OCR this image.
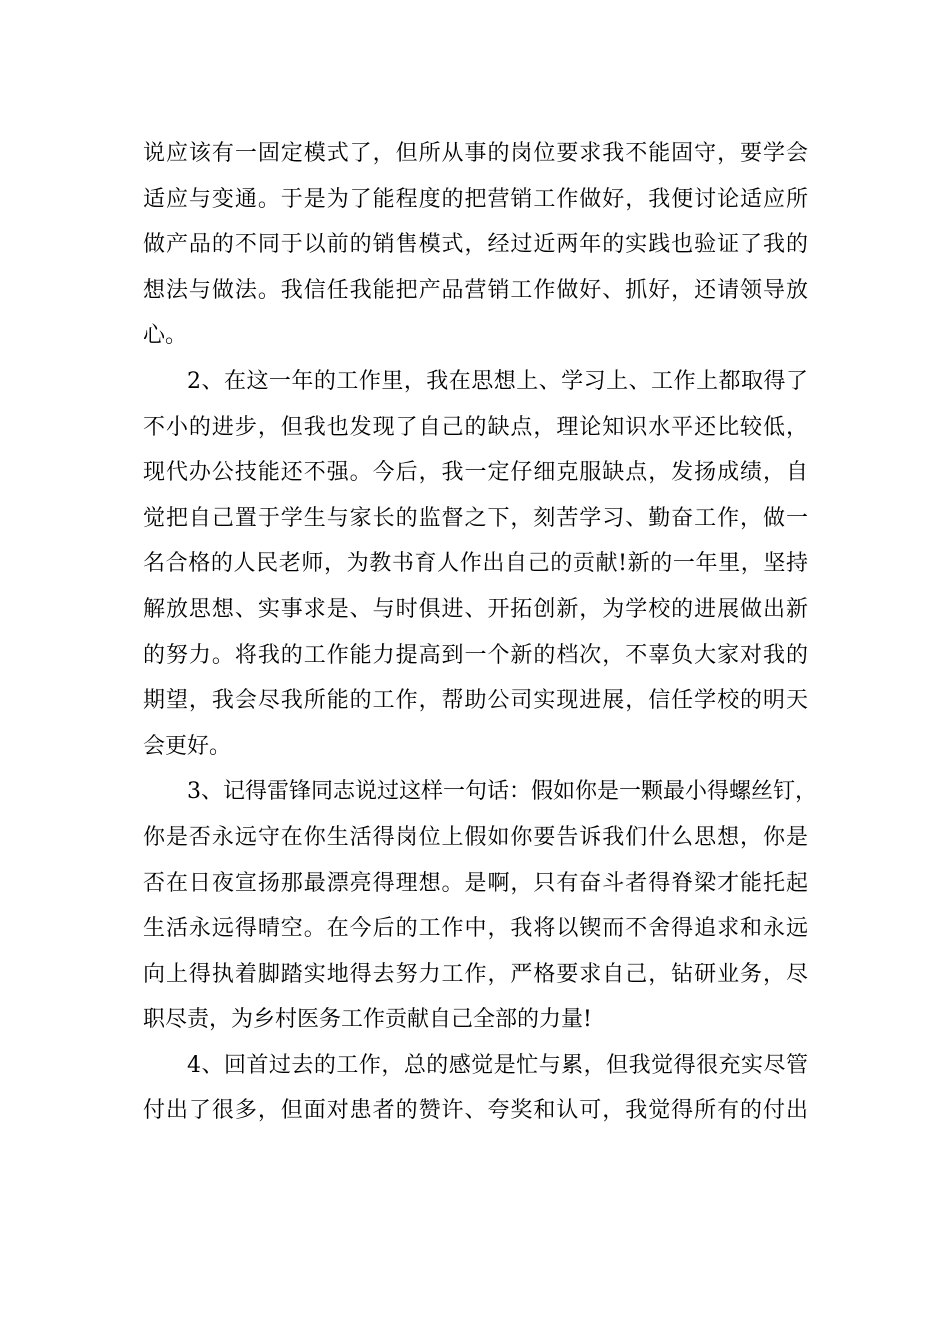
说应该有一固定模式了，但所从事的岗位要求我不能固守，要学会
适应与变通。于是为了能程度的把营销工作做好，我便讨论适应所
做产品的不同于以前的销售模式，经过近两年的实践也验证了我的
想法与做法。我信任我能把产品营销工作做好、抓好，还请领导放
心。
2、在这一年的工作里，我在思想上、学习上、工作上都取得了
不小的进步，但我也发现了自己的缺点，理论知识水平还比较低，
现代办公技能还不强。今后，我一定仔细克服缺点，发扬成绩，自
觉把自己置于学生与家长的监督之下，刻苦学习、勤奋工作，做一
名合格的人民老师，为教书育人作出自己的贡献!新的一年里，坚持
解放思想、实事求是、与时俱进、开拓创新，为学校的进展做出新
的努力。将我的工作能力提高到一个新的档次，不辜负大家对我的
期望，我会尽我所能的工作，帮助公司实现进展，信任学校的明天
会更好。
3、记得雷锋同志说过这样一句话：假如你是一颗最小得螺丝钉，
你是否永远守在你生活得岗位上假如你要告诉我们什么思想，你是
否在日夜宣扬那最漂亮得理想。是啊，只有奋斗者得脊梁才能托起
生活永远得晴空。在今后的工作中，我将以锲而不舍得追求和永远
向上得执着脚踏实地得去努力工作，严格要求自己，钻研业务，尽
职尽责，为乡村医务工作贡献自己全部的力量!
4、回首过去的工作，总的感觉是忙与累，但我觉得很充实尽管
付出了很多，但面对患者的赞许、夸奖和认可，我觉得所有的付出
